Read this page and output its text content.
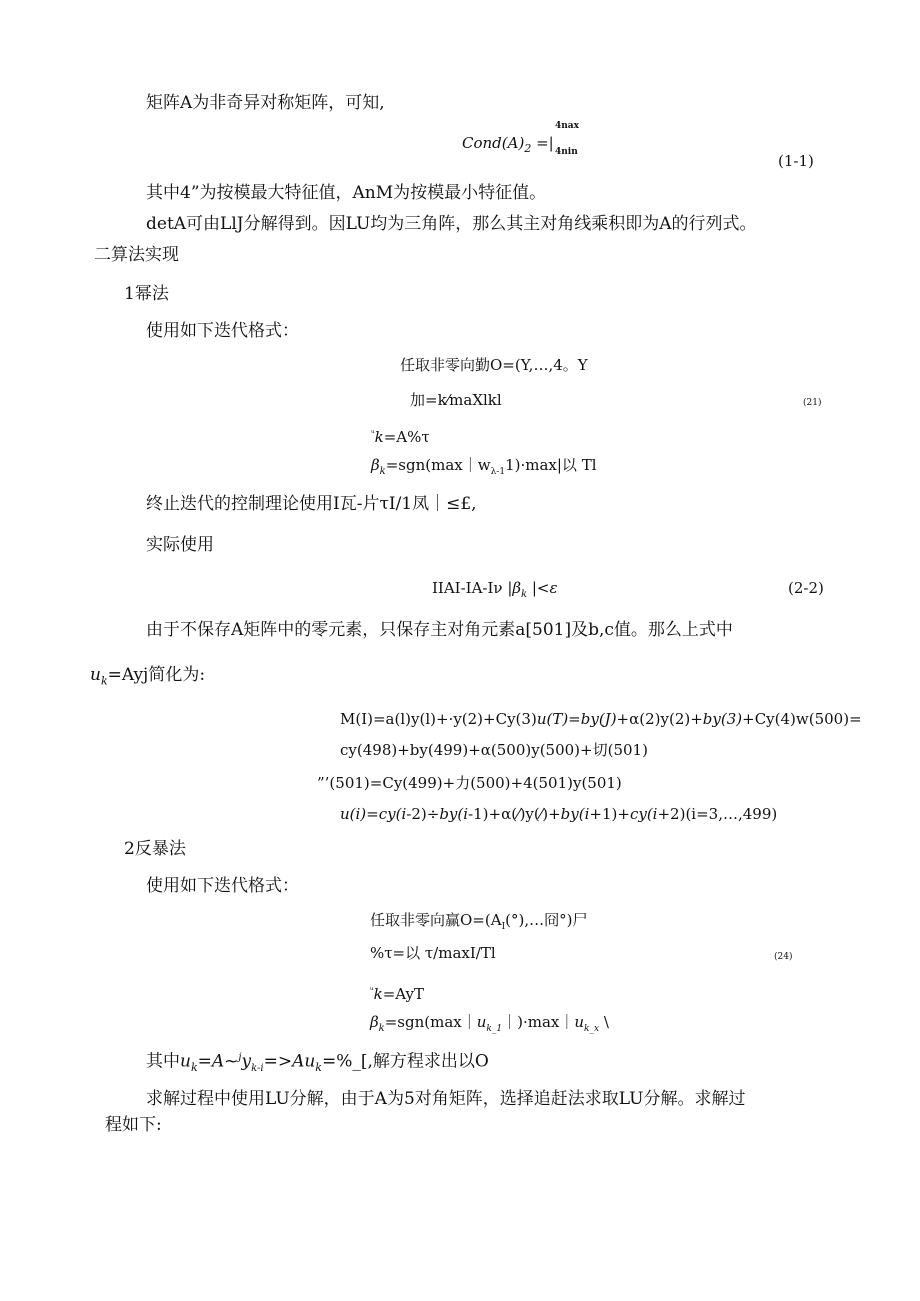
矩阵A为非奇异对称矩阵，可知,
$Cond(A)_2$ =|
4nax
4nin	(1-1)
其中4”为按模最大特征值，AnM为按模最小特征值。
detA可由LlJ分解得到。因LU均为三角阵，那么其主对角线乘积即为A的行列式。
二算法实现
1幂法
使用如下迭代格式：
任取非零向勤O=(Y,…,4。Y
加=k⁄maXlkl	(21)
$^ᵘ$k=A%τ
$\beta_k=sgn(\max|w_{\lambda-1}1)\cdot\max|$以 Tl
终止迭代的控制理论使用I瓦-片τI/1凤｜≤£,
实际使用
IIAI-IA-Iν $|\beta_k$ |<ε	(2-2)
由于不保存A矩阵中的零元素，只保存主对角元素a[501]及b,c值。那么上式中
$u_k=Ayj$简化为:
M(I)=a(l)y(l)+·y(2)+Cy(3)u(T)=by(J)+α(2)y(2)+by(3)+Cy(4)w(500)=
cy(498)+by(499)+α(500)y(500)+切(501)
”’(501)=Cy(499)+力(500)+4(501)y(501)
u(i)=cy(i-2)÷by(i-1)+α(⁄)y(⁄)+by(i+1)+cy(i+2)(i=3,…,499)
2反暴法
使用如下迭代格式：
任取非零向赢$O=(A_I(^\circ),\dots$冏°)尸
%τ=以 τ/maxI/Tl	(24)
$^ᵘ$k=AyT
$\beta_k=sgn(\max|u_{k\_1}|)\cdot\max|u_{k\_x}$ \
其中$u_k=A\sim^jy_{k-i}=>Au_k=\%\_$[,解方程求出以O
求解过程中使用LU分解，由于A为5对角矩阵，选择追赶法求取LU分解。求解过
程如下:
